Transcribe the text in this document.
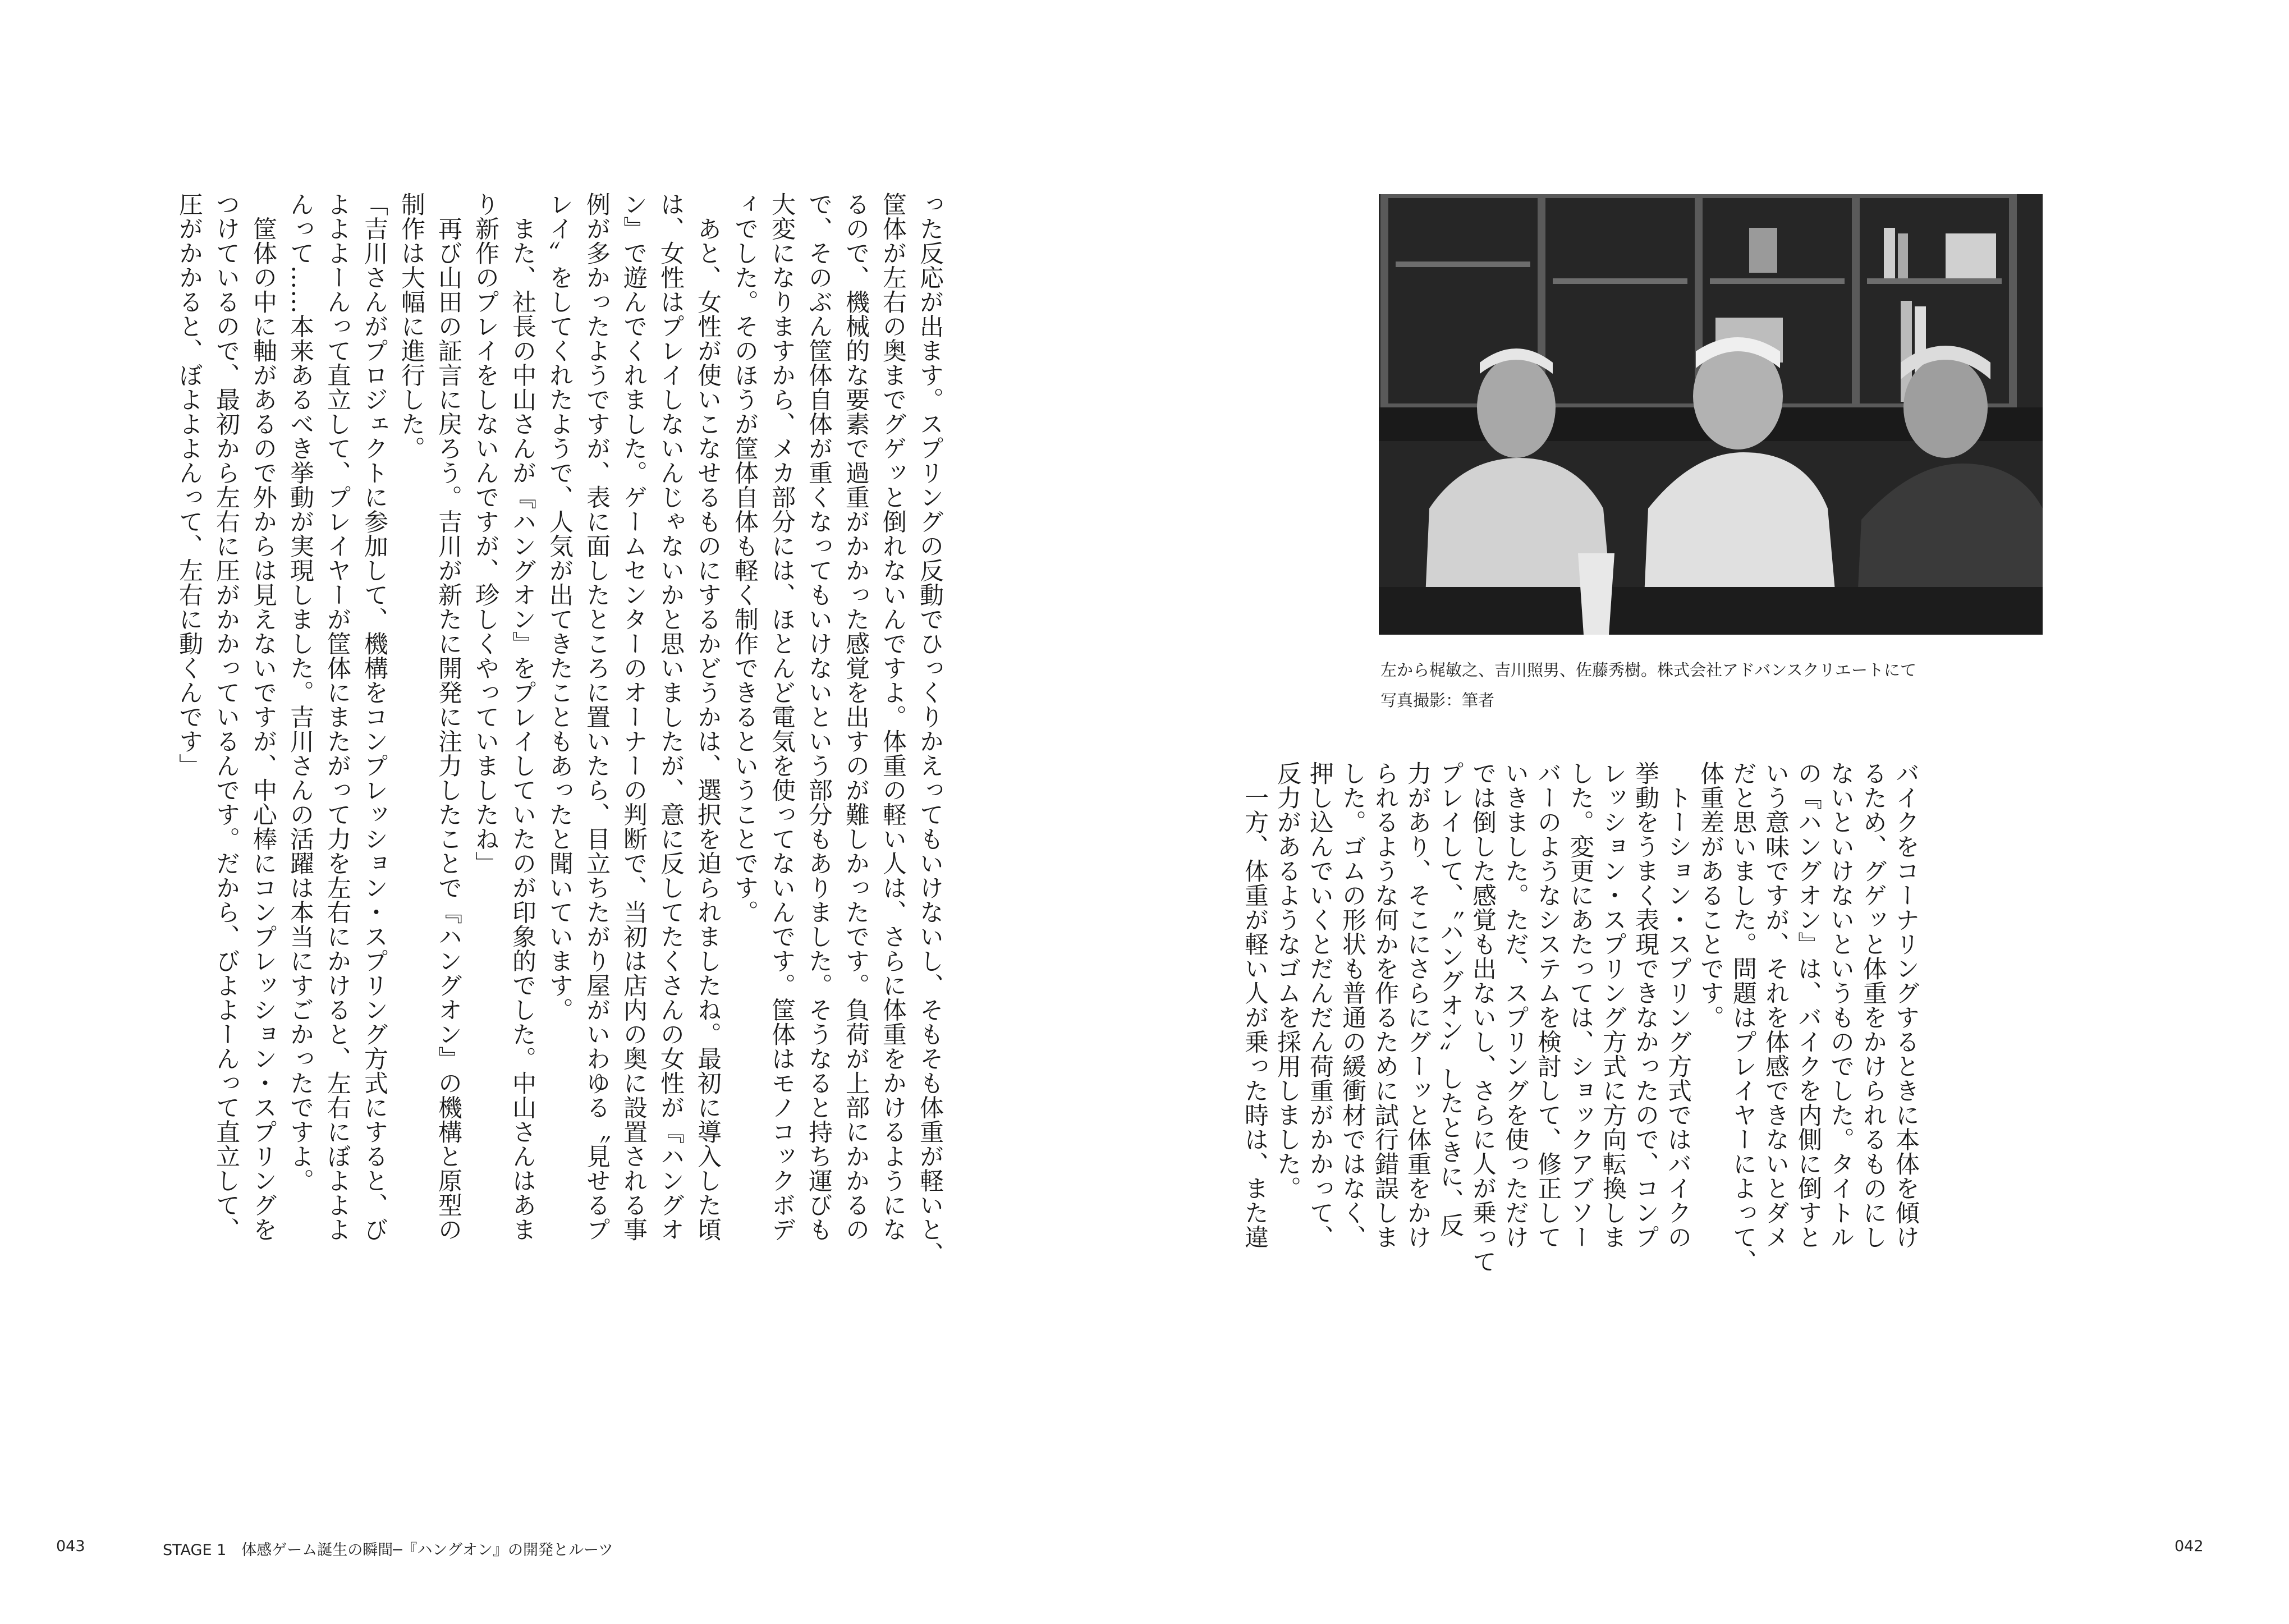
った反応が出ます。スプリングの反動でひっくりかえってもいけないし、そもそも体重が軽いと、
筐体が左右の奥までグゲッと倒れないんですよ。体重の軽い人は、さらに体重をかけるようにな
るので、機械的な要素で過重がかかった感覚を出すのが難しかったです。負荷が上部にかかるの
で、そのぶん筐体自体が重くなってもいけないという部分もありました。そうなると持ち運びも
大変になりますから、メカ部分には、ほとんど電気を使ってないんです。筐体はモノコックボデ
ィでした。そのほうが筐体自体も軽く制作できるということです。
　あと、女性が使いこなせるものにするかどうかは、選択を迫られましたね。最初に導入した頃
は、女性はプレイしないんじゃないかと思いましたが、意に反してたくさんの女性が『ハングオ
ン』で遊んでくれました。ゲームセンターのオーナーの判断で、当初は店内の奥に設置される事
例が多かったようですが、表に面したところに置いたら、目立ちたがり屋がいわゆる〝見せるプ
レイ〟をしてくれたようで、人気が出てきたこともあったと聞いています。
　また、社長の中山さんが『ハングオン』をプレイしていたのが印象的でした。中山さんはあま
り新作のプレイをしないんですが、珍しくやっていましたね」
　再び山田の証言に戻ろう。吉川が新たに開発に注力したことで『ハングオン』の機構と原型の
制作は大幅に進行した。
「吉川さんがプロジェクトに参加して、機構をコンプレッション・スプリング方式にすると、び
よよよーんって直立して、プレイヤーが筐体にまたがって力を左右にかけると、左右にぼよよよ
んって……本来あるべき挙動が実現しました。吉川さんの活躍は本当にすごかったですよ。
　筐体の中に軸があるので外からは見えないですが、中心棒にコンプレッション・スプリングを
つけているので、最初から左右に圧がかかっているんです。だから、びよよーんって直立して、
圧がかかると、ぼよよよんって、左右に動くんです」
バイクをコーナリングするときに本体を傾け
るため、グゲッと体重をかけられるものにし
ないといけないというものでした。タイトル
の『ハングオン』は、バイクを内側に倒すと
いう意味ですが、それを体感できないとダメ
だと思いました。問題はプレイヤーによって、
体重差があることです。
　トーション・スプリング方式ではバイクの
挙動をうまく表現できなかったので、コンプ
レッション・スプリング方式に方向転換しま
した。変更にあたっては、ショックアブソー
バーのようなシステムを検討して、修正して
いきました。ただ、スプリングを使っただけ
では倒した感覚も出ないし、さらに人が乗って
プレイして、〝ハングオン〟したときに、反
力があり、そこにさらにグーッと体重をかけ
られるような何かを作るために試行錯誤しま
した。ゴムの形状も普通の緩衝材ではなく、
押し込んでいくとだんだん荷重がかかって、
反力があるようなゴムを採用しました。
　一方、体重が軽い人が乗った時は、また違
左から梶敏之、吉川照男、佐藤秀樹。株式会社アドバンスクリエートにて
写真撮影：筆者
043	STAGE 1　体感ゲーム誕生の瞬間─『ハングオン』の開発とルーツ	042
